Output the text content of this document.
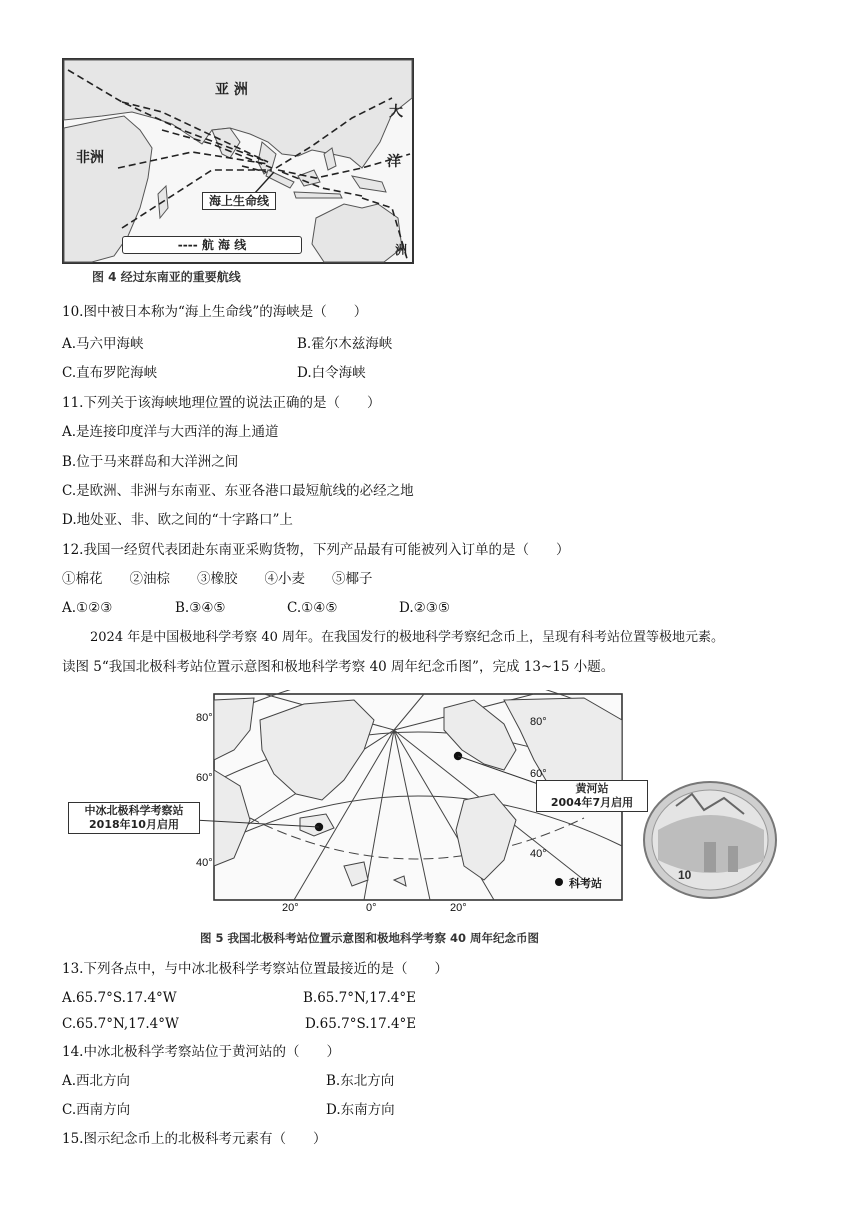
亚 洲
非洲
大
洋
洲
海上生命线
---- 航 海 线
图 4 经过东南亚的重要航线
10.图中被日本称为“海上生命线”的海峡是（　　）
A.马六甲海峡	B.霍尔木兹海峡
C.直布罗陀海峡	D.白令海峡
11.下列关于该海峡地理位置的说法正确的是（　　）
A.是连接印度洋与大西洋的海上通道
B.位于马来群岛和大洋洲之间
C.是欧洲、非洲与东南亚、东亚各港口最短航线的必经之地
D.地处亚、非、欧之间的“十字路口”上
12.我国一经贸代表团赴东南亚采购货物，下列产品最有可能被列入订单的是（　　）
①棉花　　②油棕　　③橡胶　　④小麦　　⑤椰子
A.①②③	B.③④⑤	C.①④⑤	D.②③⑤
2024 年是中国极地科学考察 40 周年。在我国发行的极地科学考察纪念币上，呈现有科考站位置等极地元素。
读图 5“我国北极科考站位置示意图和极地科学考察 40 周年纪念币图”，完成 13~15 小题。
80°
60°
40°
80°
60°
40°
20°	0°	20°
中冰北极科学考察站
2018年10月启用
黄河站
2004年7月启用
科考站
10
图 5 我国北极科考站位置示意图和极地科学考察 40 周年纪念币图
13.下列各点中，与中冰北极科学考察站位置最接近的是（　　）
A.65.7°S.17.4°W	B.65.7°N,17.4°E
C.65.7°N,17.4°W	D.65.7°S.17.4°E
14.中冰北极科学考察站位于黄河站的（　　）
A.西北方向	B.东北方向
C.西南方向	D.东南方向
15.图示纪念币上的北极科考元素有（　　）
